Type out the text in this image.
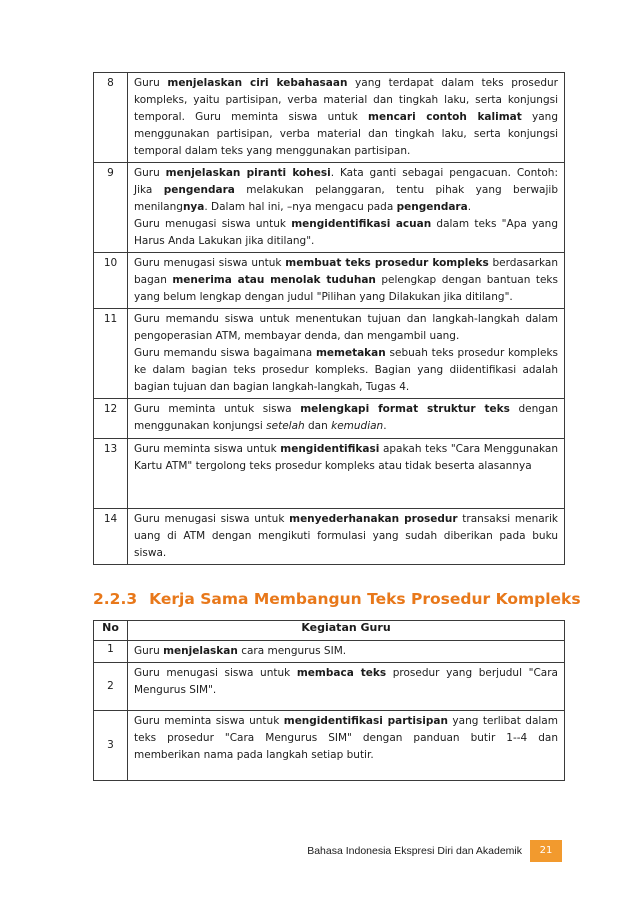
8	Guru menjelaskan ciri kebahasaan yang terdapat dalam teks prosedur kompleks, yaitu partisipan, verba material dan tingkah laku, serta konjungsi temporal. Guru meminta siswa untuk mencari contoh kalimat yang menggunakan partisipan, verba material dan tingkah laku, serta konjungsi temporal dalam teks yang menggunakan partisipan.

9	Guru menjelaskan piranti kohesi. Kata ganti sebagai pengacuan. Contoh: Jika pengendara melakukan pelanggaran, tentu pihak yang berwajib menilangnya. Dalam hal ini, –nya mengacu pada pengendara.

Guru menugasi siswa untuk mengidentifikasi acuan dalam teks "Apa yang Harus Anda Lakukan jika ditilang".

10	Guru menugasi siswa untuk membuat teks prosedur kompleks berdasarkan bagan menerima atau menolak tuduhan pelengkap dengan bantuan teks yang belum lengkap dengan judul "Pilihan yang Dilakukan jika ditilang".

11	Guru memandu siswa untuk menentukan tujuan dan langkah-langkah dalam pengoperasian ATM, membayar denda, dan mengambil uang.

Guru memandu siswa bagaimana memetakan sebuah teks prosedur kompleks ke dalam bagian teks prosedur kompleks. Bagian yang diidentifikasi adalah bagian tujuan dan bagian langkah-langkah, Tugas 4.

12	Guru meminta untuk siswa melengkapi format struktur teks dengan menggunakan konjungsi setelah dan kemudian.

13	Guru meminta siswa untuk mengidentifikasi apakah teks "Cara Menggunakan Kartu ATM" tergolong teks prosedur kompleks atau tidak beserta alasannya

14	Guru menugasi siswa untuk menyederhanakan prosedur transaksi menarik uang di ATM dengan mengikuti formulasi yang sudah diberikan pada buku siswa.

2.2.3 Kerja Sama Membangun Teks Prosedur Kompleks
No	Kegiatan Guru
1	Guru menjelaskan cara mengurus SIM.

2	Guru menugasi siswa untuk membaca teks prosedur yang berjudul "Cara Mengurus SIM".

3	Guru meminta siswa untuk mengidentifikasi partisipan yang terlibat dalam teks prosedur "Cara Mengurus SIM" dengan panduan butir 1--4 dan memberikan nama pada langkah setiap butir.

Bahasa Indonesia Ekspresi Diri dan Akademik	21
